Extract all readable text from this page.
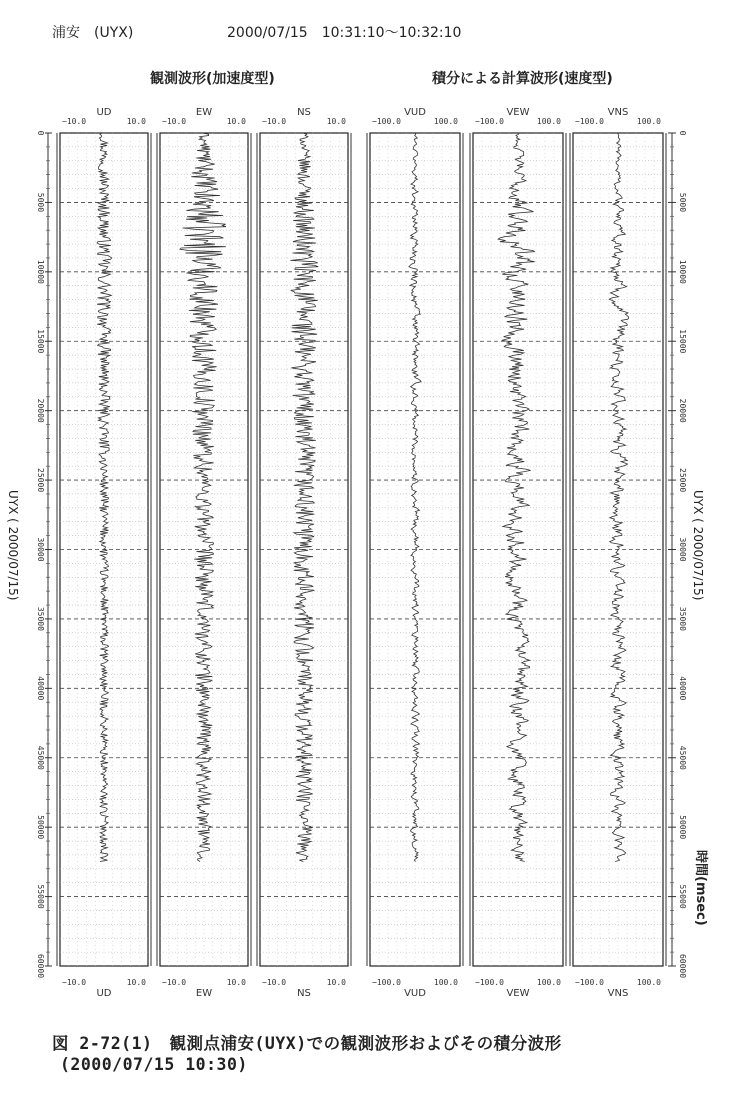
浦安　(UYX)	2000/07/15　10:31:10〜10:32:10
観測波形(加速度型)	積分による計算波形(速度型)
−10.0	10.0
−10.0	10.0
UD
UD
−10.0	10.0
−10.0	10.0
EW
EW
−10.0	10.0
−10.0	10.0
NS
NS
−100.0	100.0
−100.0	100.0
VUD
VUD
−100.0	100.0
−100.0	100.0
VEW
VEW
−100.0	100.0
−100.0	100.0
VNS
VNS
0
5000
10000
15000
20000
25000
30000
35000
40000
45000
50000
55000
60000
0
5000
10000
15000
20000
25000
30000
35000
40000
45000
50000
55000
60000
UYX ( 2000/07/15)	UYX ( 2000/07/15)
時間(msec)
図 2-72(1)　観測点浦安(UYX)での観測波形およびその積分波形
(2000/07/15 10:30)
